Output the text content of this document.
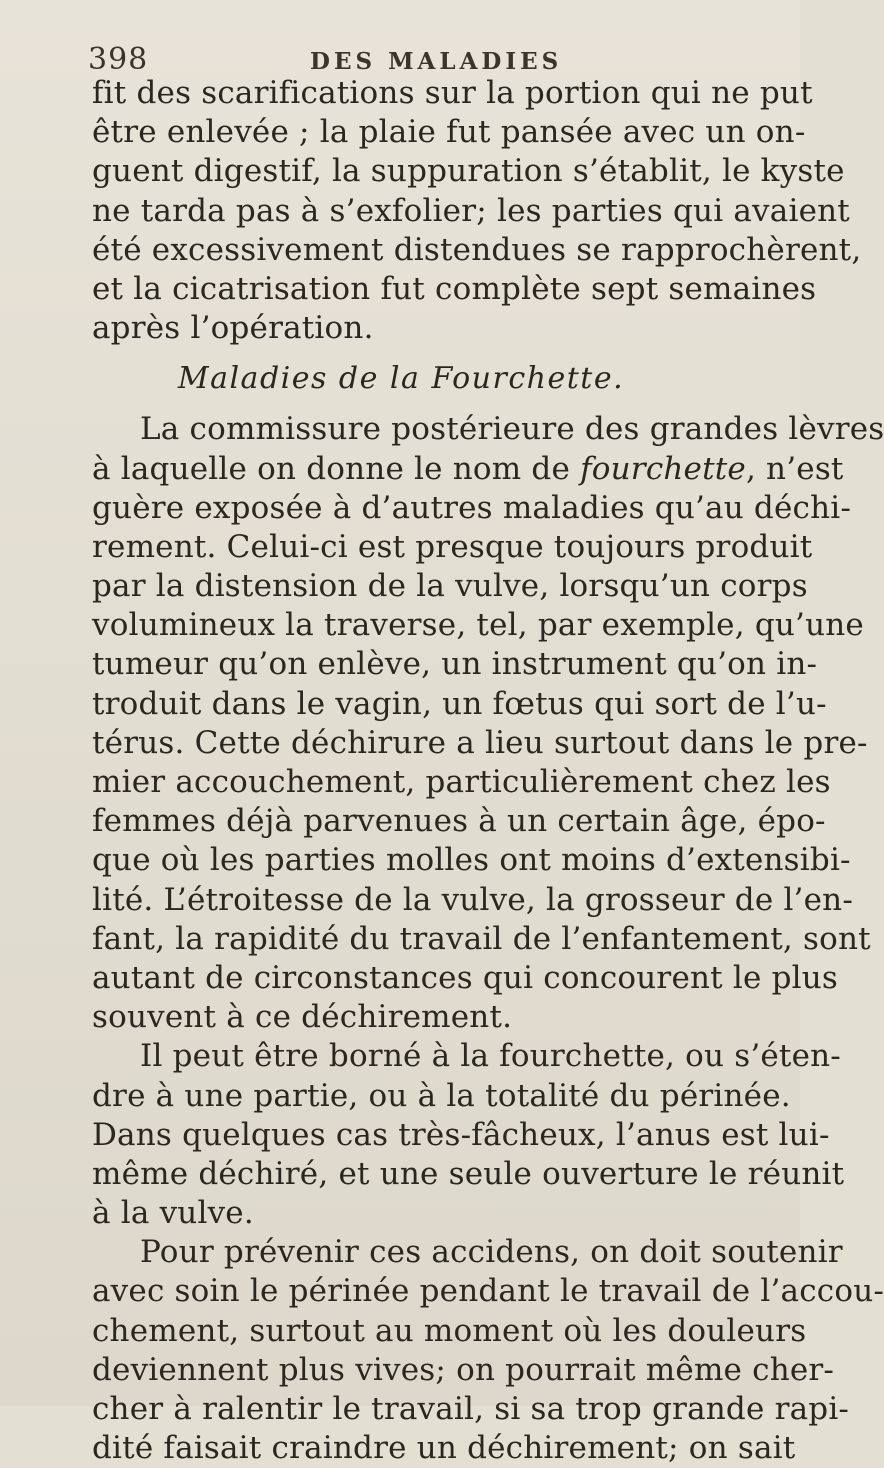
398	DES MALADIES
fit des scarifications sur la portion qui ne put
être enlevée ; la plaie fut pansée avec un on-
guent digestif, la suppuration s’établit, le kyste
ne tarda pas à s’exfolier; les parties qui avaient
été excessivement distendues se rapprochèrent,
et la cicatrisation fut complète sept semaines
après l’opération.
Maladies de la Fourchette.
La commissure postérieure des grandes lèvres
à laquelle on donne le nom de fourchette, n’est
guère exposée à d’autres maladies qu’au déchi-
rement. Celui-ci est presque toujours produit
par la distension de la vulve, lorsqu’un corps
volumineux la traverse, tel, par exemple, qu’une
tumeur qu’on enlève, un instrument qu’on in-
troduit dans le vagin, un fœtus qui sort de l’u-
térus. Cette déchirure a lieu surtout dans le pre-
mier accouchement, particulièrement chez les
femmes déjà parvenues à un certain âge, épo-
que où les parties molles ont moins d’extensibi-
lité. L’étroitesse de la vulve, la grosseur de l’en-
fant, la rapidité du travail de l’enfantement, sont
autant de circonstances qui concourent le plus
souvent à ce déchirement.
Il peut être borné à la fourchette, ou s’éten-
dre à une partie, ou à la totalité du périnée.
Dans quelques cas très-fâcheux, l’anus est lui-
même déchiré, et une seule ouverture le réunit
à la vulve.
Pour prévenir ces accidens, on doit soutenir
avec soin le périnée pendant le travail de l’accou-
chement, surtout au moment où les douleurs
deviennent plus vives; on pourrait même cher-
cher à ralentir le travail, si sa trop grande rapi-
dité faisait craindre un déchirement; on sait
